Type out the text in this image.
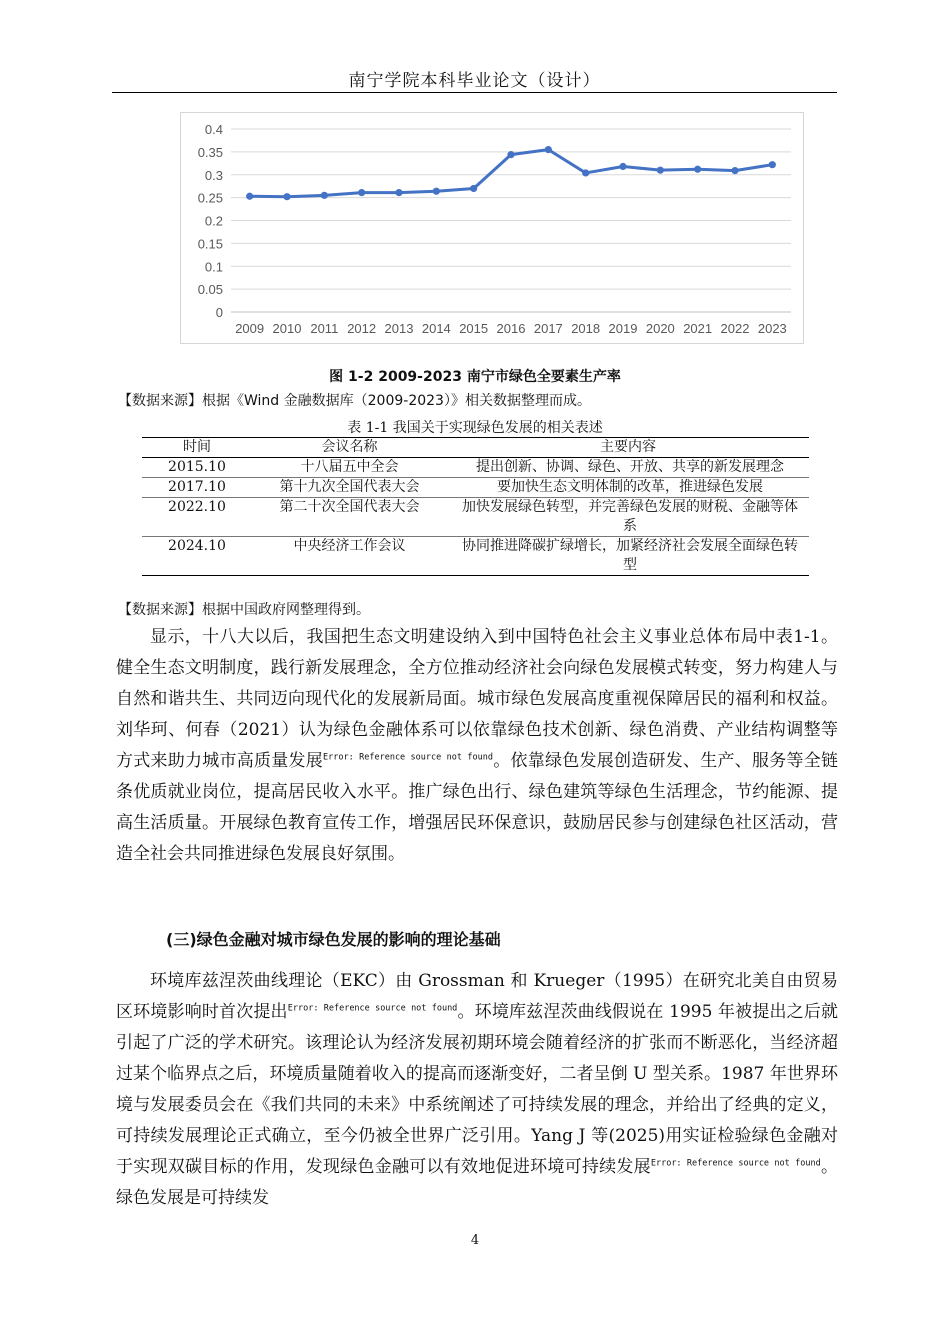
南宁学院本科毕业论文（设计）
0
0.05
0.1
0.15
0.2
0.25
0.3
0.35
0.4
2009 2010 2011 2012 2013 2014 2015 2016 2017 2018 2019 2020 2021 2022 2023
图 1-2 2009-2023 南宁市绿色全要素生产率
【数据来源】根据《Wind 金融数据库（2009-2023）》相关数据整理而成。
表 1-1 我国关于实现绿色发展的相关表述
时间	会议名称	主要内容
2015.10	十八届五中全会	提出创新、协调、绿色、开放、共享的新发展理念
2017.10	第十九次全国代表大会	要加快生态文明体制的改革，推进绿色发展
2022.10	第二十次全国代表大会	加快发展绿色转型，并完善绿色发展的财税、金融等体系
2024.10	中央经济工作会议	协同推进降碳扩绿增长，加紧经济社会发展全面绿色转型
【数据来源】根据中国政府网整理得到。

显示，十八大以后，我国把生态文明建设纳入到中国特色社会主义事业总体布局中表1-1。健全生态文明制度，践行新发展理念，全方位推动经济社会向绿色发展模式转变，努力构建人与自然和谐共生、共同迈向现代化的发展新局面。城市绿色发展高度重视保障居民的福利和权益。刘华珂、何春（2021）认为绿色金融体系可以依靠绿色技术创新、绿色消费、产业结构调整等方式来助力城市高质量发展$^{Error: Reference source not found}$。依靠绿色发展创造研发、生产、服务等全链条优质就业岗位，提高居民收入水平。推广绿色出行、绿色建筑等绿色生活理念，节约能源、提高生活质量。开展绿色教育宣传工作，增强居民环保意识，鼓励居民参与创建绿色社区活动，营造全社会共同推进绿色发展良好氛围。

(三)绿色金融对城市绿色发展的影响的理论基础

环境库兹涅茨曲线理论（EKC）由 Grossman 和 Krueger（1995）在研究北美自由贸易区环境影响时首次提出$^{Error: Reference source not found}$。环境库兹涅茨曲线假说在 1995 年被提出之后就引起了广泛的学术研究。该理论认为经济发展初期环境会随着经济的扩张而不断恶化，当经济超过某个临界点之后，环境质量随着收入的提高而逐渐变好，二者呈倒 U 型关系。1987 年世界环境与发展委员会在《我们共同的未来》中系统阐述了可持续发展的理念，并给出了经典的定义，可持续发展理论正式确立，至今仍被全世界广泛引用。Yang J 等(2025)用实证检验绿色金融对于实现双碳目标的作用，发现绿色金融可以有效地促进环境可持续发展$^{Error: Reference source not found}$。绿色发展是可持续发

4
